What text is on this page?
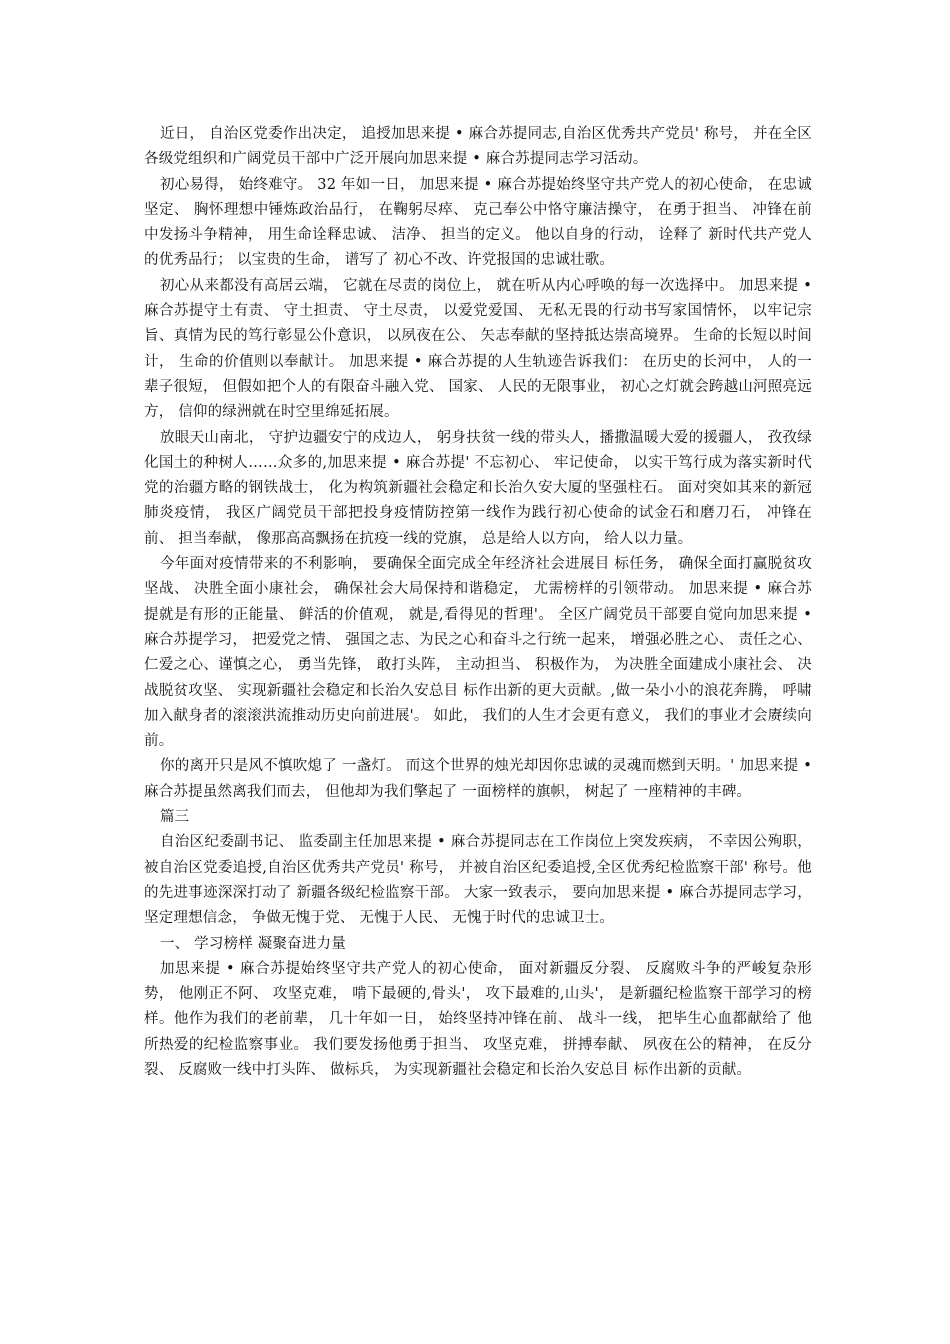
近日， 自治区党委作出决定， 追授加思来提 • 麻合苏提同志,自治区优秀共产党员' 称号， 并在全区各级党组织和广阔党员干部中广泛开展向加思来提 • 麻合苏提同志学习活动。

初心易得， 始终难守。 32 年如一日， 加思来提 • 麻合苏提始终坚守共产党人的初心使命， 在忠诚坚定、 胸怀理想中锤炼政治品行， 在鞠躬尽瘁、 克己奉公中恪守廉洁操守， 在勇于担当、 冲锋在前中发扬斗争精神， 用生命诠释忠诚、 洁净、 担当的定义。 他以自身的行动， 诠释了 新时代共产党人的优秀品行； 以宝贵的生命， 谱写了 初心不改、许党报国的忠诚壮歌。

初心从来都没有高居云端， 它就在尽责的岗位上， 就在听从内心呼唤的每一次选择中。 加思来提 • 麻合苏提守土有责、 守土担责、 守土尽责， 以爱党爱国、 无私无畏的行动书写家国情怀， 以牢记宗旨、真情为民的笃行彰显公仆意识， 以夙夜在公、 矢志奉献的坚持抵达崇高境界。 生命的长短以时间计， 生命的价值则以奉献计。 加思来提 • 麻合苏提的人生轨迹告诉我们： 在历史的长河中， 人的一辈子很短， 但假如把个人的有限奋斗融入党、 国家、 人民的无限事业， 初心之灯就会跨越山河照亮远方， 信仰的绿洲就在时空里绵延拓展。

放眼天山南北， 守护边疆安宁的戍边人， 躬身扶贫一线的带头人，播撒温暖大爱的援疆人， 孜孜绿化国土的种树人……众多的,加思来提 • 麻合苏提' 不忘初心、 牢记使命， 以实干笃行成为落实新时代党的治疆方略的钢铁战士， 化为构筑新疆社会稳定和长治久安大厦的坚强柱石。 面对突如其来的新冠肺炎疫情， 我区广阔党员干部把投身疫情防控第一线作为践行初心使命的试金石和磨刀石， 冲锋在前、 担当奉献， 像那高高飘扬在抗疫一线的党旗， 总是给人以方向， 给人以力量。

今年面对疫情带来的不利影响， 要确保全面完成全年经济社会进展目 标任务， 确保全面打赢脱贫攻坚战、 决胜全面小康社会， 确保社会大局保持和谐稳定， 尤需榜样的引领带动。 加思来提 • 麻合苏提就是有形的正能量、 鲜活的价值观， 就是,看得见的哲理'。 全区广阔党员干部要自觉向加思来提 • 麻合苏提学习， 把爱党之情、 强国之志、为民之心和奋斗之行统一起来， 增强必胜之心、 责任之心、 仁爱之心、谨慎之心， 勇当先锋， 敢打头阵， 主动担当、 积极作为， 为决胜全面建成小康社会、 决战脱贫攻坚、 实现新疆社会稳定和长治久安总目 标作出新的更大贡献。,做一朵小小的浪花奔腾， 呼啸加入献身者的滚滚洪流推动历史向前进展'。 如此， 我们的人生才会更有意义， 我们的事业才会赓续向前。

你的离开只是风不慎吹熄了 一盏灯。 而这个世界的烛光却因你忠诚的灵魂而燃到天明。' 加思来提 • 麻合苏提虽然离我们而去， 但他却为我们擎起了 一面榜样的旗帜， 树起了 一座精神的丰碑。

篇三

自治区纪委副书记、 监委副主任加思来提 • 麻合苏提同志在工作岗位上突发疾病， 不幸因公殉职， 被自治区党委追授,自治区优秀共产党员' 称号， 并被自治区纪委追授,全区优秀纪检监察干部' 称号。他的先进事迹深深打动了 新疆各级纪检监察干部。 大家一致表示， 要向加思来提 • 麻合苏提同志学习， 坚定理想信念， 争做无愧于党、 无愧于人民、 无愧于时代的忠诚卫士。

一、 学习榜样 凝聚奋进力量

加思来提 • 麻合苏提始终坚守共产党人的初心使命， 面对新疆反分裂、 反腐败斗争的严峻复杂形势， 他刚正不阿、 攻坚克难， 啃下最硬的,骨头'， 攻下最难的,山头'， 是新疆纪检监察干部学习的榜样。他作为我们的老前辈， 几十年如一日， 始终坚持冲锋在前、 战斗一线， 把毕生心血都献给了 他所热爱的纪检监察事业。 我们要发扬他勇于担当、 攻坚克难， 拼搏奉献、 夙夜在公的精神， 在反分裂、 反腐败一线中打头阵、 做标兵， 为实现新疆社会稳定和长治久安总目 标作出新的贡献。
